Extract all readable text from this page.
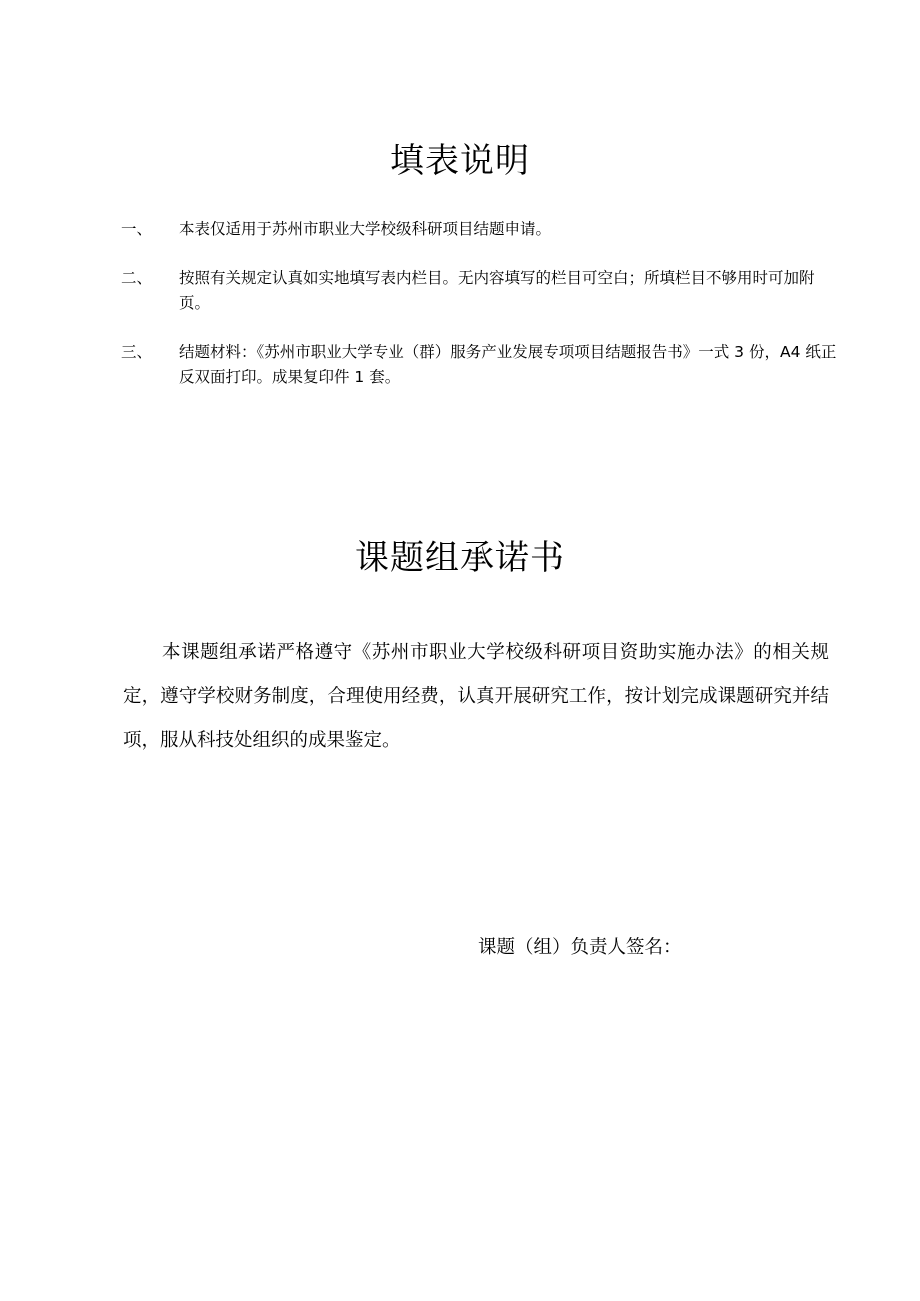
填表说明
一、	本表仅适用于苏州市职业大学校级科研项目结题申请。
二、	按照有关规定认真如实地填写表内栏目。无内容填写的栏目可空白；所填栏目不够用时可加附页。
三、	结题材料：《苏州市职业大学专业（群）服务产业发展专项项目结题报告书》一式 3 份，A4 纸正反双面打印。成果复印件 1 套。
课题组承诺书

本课题组承诺严格遵守《苏州市职业大学校级科研项目资助实施办法》的相关规定，遵守学校财务制度，合理使用经费，认真开展研究工作，按计划完成课题研究并结项，服从科技处组织的成果鉴定。

课题（组）负责人签名：
